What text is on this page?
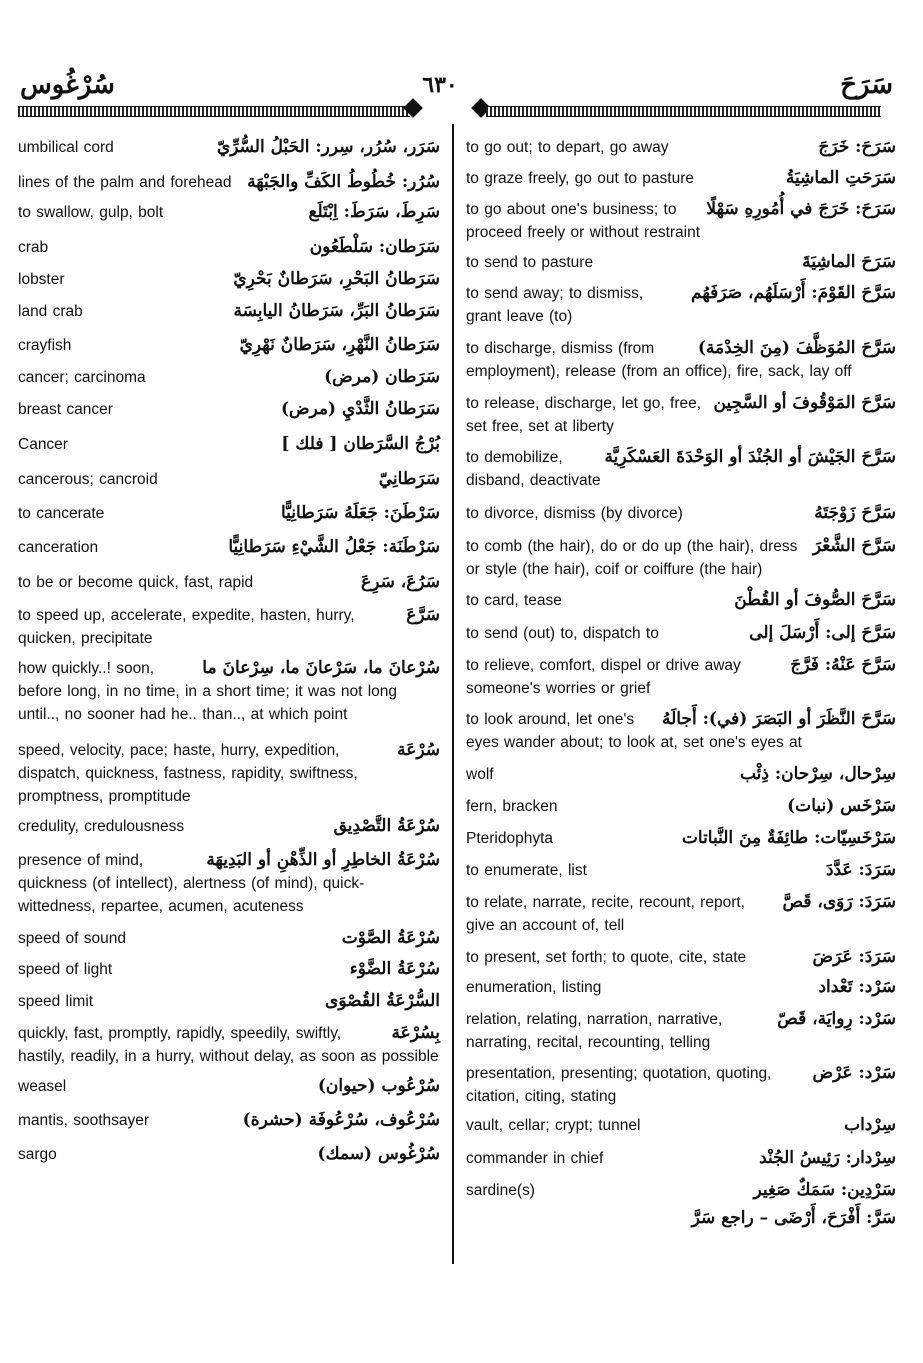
سُرْغُوس	٦٣٠	سَرَحَ
سَرَر، سُرُر، سِرر: الحَبْلُ السُّرِّيّ
umbilical cord
سُرُر: خُطُوطُ الكَفِّ والجَبْهَة
lines of the palm and forehead
سَرِطَ، سَرَطَ: اِبْتَلَع
to swallow, gulp, bolt
سَرَطان: سَلْطَعُون
crab
سَرَطانُ البَحْرِ، سَرَطانٌ بَحْرِيّ
lobster
سَرَطانُ البَرِّ، سَرَطانُ اليابِسَة
land crab
سَرَطانُ النَّهْرِ، سَرَطانٌ نَهْرِيّ
crayfish
سَرَطان (مرض)
cancer; carcinoma
سَرَطانُ الثَّدْيِ (مرض)
breast cancer
بُرْجُ السَّرَطان [ فلك ]
Cancer
سَرَطانِيّ
cancerous; cancroid
سَرْطَنَ: جَعَلَهُ سَرَطانِيًّا
to cancerate
سَرْطَنَة: جَعْلُ الشَّيْءِ سَرَطانِيًّا
canceration
سَرُعَ، سَرِعَ
to be or become quick, fast, rapid
سَرَّعَ
to speed up, accelerate, expedite, hasten, hurry, quicken, precipitate
سُرْعانَ ما، سَرْعانَ ما، سِرْعانَ ما
how quickly..! soon, before long, in no time, in a short time; it was not long until.., no sooner had he.. than.., at which point
سُرْعَة
speed, velocity, pace; haste, hurry, expedition, dispatch, quickness, fastness, rapidity, swiftness, promptness, promptitude
سُرْعَةُ التَّصْدِيق
credulity, credulousness
سُرْعَةُ الخاطِرِ أو الذِّهْنِ أو البَدِيهَة
presence of mind, quickness (of intellect), alertness (of mind), quick-wittedness, repartee, acumen, acuteness
سُرْعَةُ الصَّوْت
speed of sound
سُرْعَةُ الضَّوْء
speed of light
السُّرْعَةُ القُصْوَى
speed limit
بِسُرْعَة
quickly, fast, promptly, rapidly, speedily, swiftly, hastily, readily, in a hurry, without delay, as soon as possible
سُرْعُوب (حيوان)
weasel
سُرْعُوف، سُرْعُوفَة (حشرة)
mantis, soothsayer
سُرْغُوس (سمك)
sargo
سَرَحَ: خَرَجَ
to go out; to depart, go away
سَرَحَتِ الماشِيَةُ
to graze freely, go out to pasture
سَرَحَ: خَرَجَ في أُمُورِهِ سَهْلًا
to go about one's business; to proceed freely or without restraint
سَرَحَ الماشِيَةَ
to send to pasture
سَرَّحَ القَوْمَ: أَرْسَلَهُم، صَرَفَهُم
to send away; to dismiss, grant leave (to)
سَرَّحَ المُوَظَّفَ (مِنَ الخِدْمَة)
to discharge, dismiss (from employment), release (from an office), fire, sack, lay off
سَرَّحَ المَوْقُوفَ أو السَّجِين
to release, discharge, let go, free, set free, set at liberty
سَرَّحَ الجَيْشَ أو الجُنْدَ أو الوَحْدَةَ العَسْكَرِيَّة
to demobilize, disband, deactivate
سَرَّحَ زَوْجَتَهُ
to divorce, dismiss (by divorce)
سَرَّحَ الشَّعْرَ
to comb (the hair), do or do up (the hair), dress or style (the hair), coif or coiffure (the hair)
سَرَّحَ الصُّوفَ أو القُطْنَ
to card, tease
سَرَّحَ إلى: أَرْسَلَ إلى
to send (out) to, dispatch to
سَرَّحَ عَنْهُ: فَرَّجَ
to relieve, comfort, dispel or drive away someone's worries or grief
سَرَّحَ النَّظَرَ أو البَصَرَ (في): أَجالَهُ
to look around, let one's eyes wander about; to look at, set one's eyes at
سِرْحال، سِرْحان: ذِئْب
wolf
سَرْخَس (نبات)
fern, bracken
سَرْخَسِيّات: طائِفَةٌ مِنَ النَّباتات
Pteridophyta
سَرَدَ: عَدَّدَ
to enumerate, list
سَرَدَ: رَوَى، قَصَّ
to relate, narrate, recite, recount, report, give an account of, tell
سَرَدَ: عَرَضَ
to present, set forth; to quote, cite, state
سَرْد: تَعْداد
enumeration, listing
سَرْد: رِوايَة، قَصّ
relation, relating, narration, narrative, narrating, recital, recounting, telling
سَرْد: عَرْض
presentation, presenting; quotation, quoting, citation, citing, stating
سِرْداب
vault, cellar; crypt; tunnel
سِرْدار: رَئِيسُ الجُنْد
commander in chief
سَرْدِين: سَمَكٌ صَغِير
sardine(s)
سَرَّ: أَفْرَحَ، أَرْضَى – راجع سَرَّ
